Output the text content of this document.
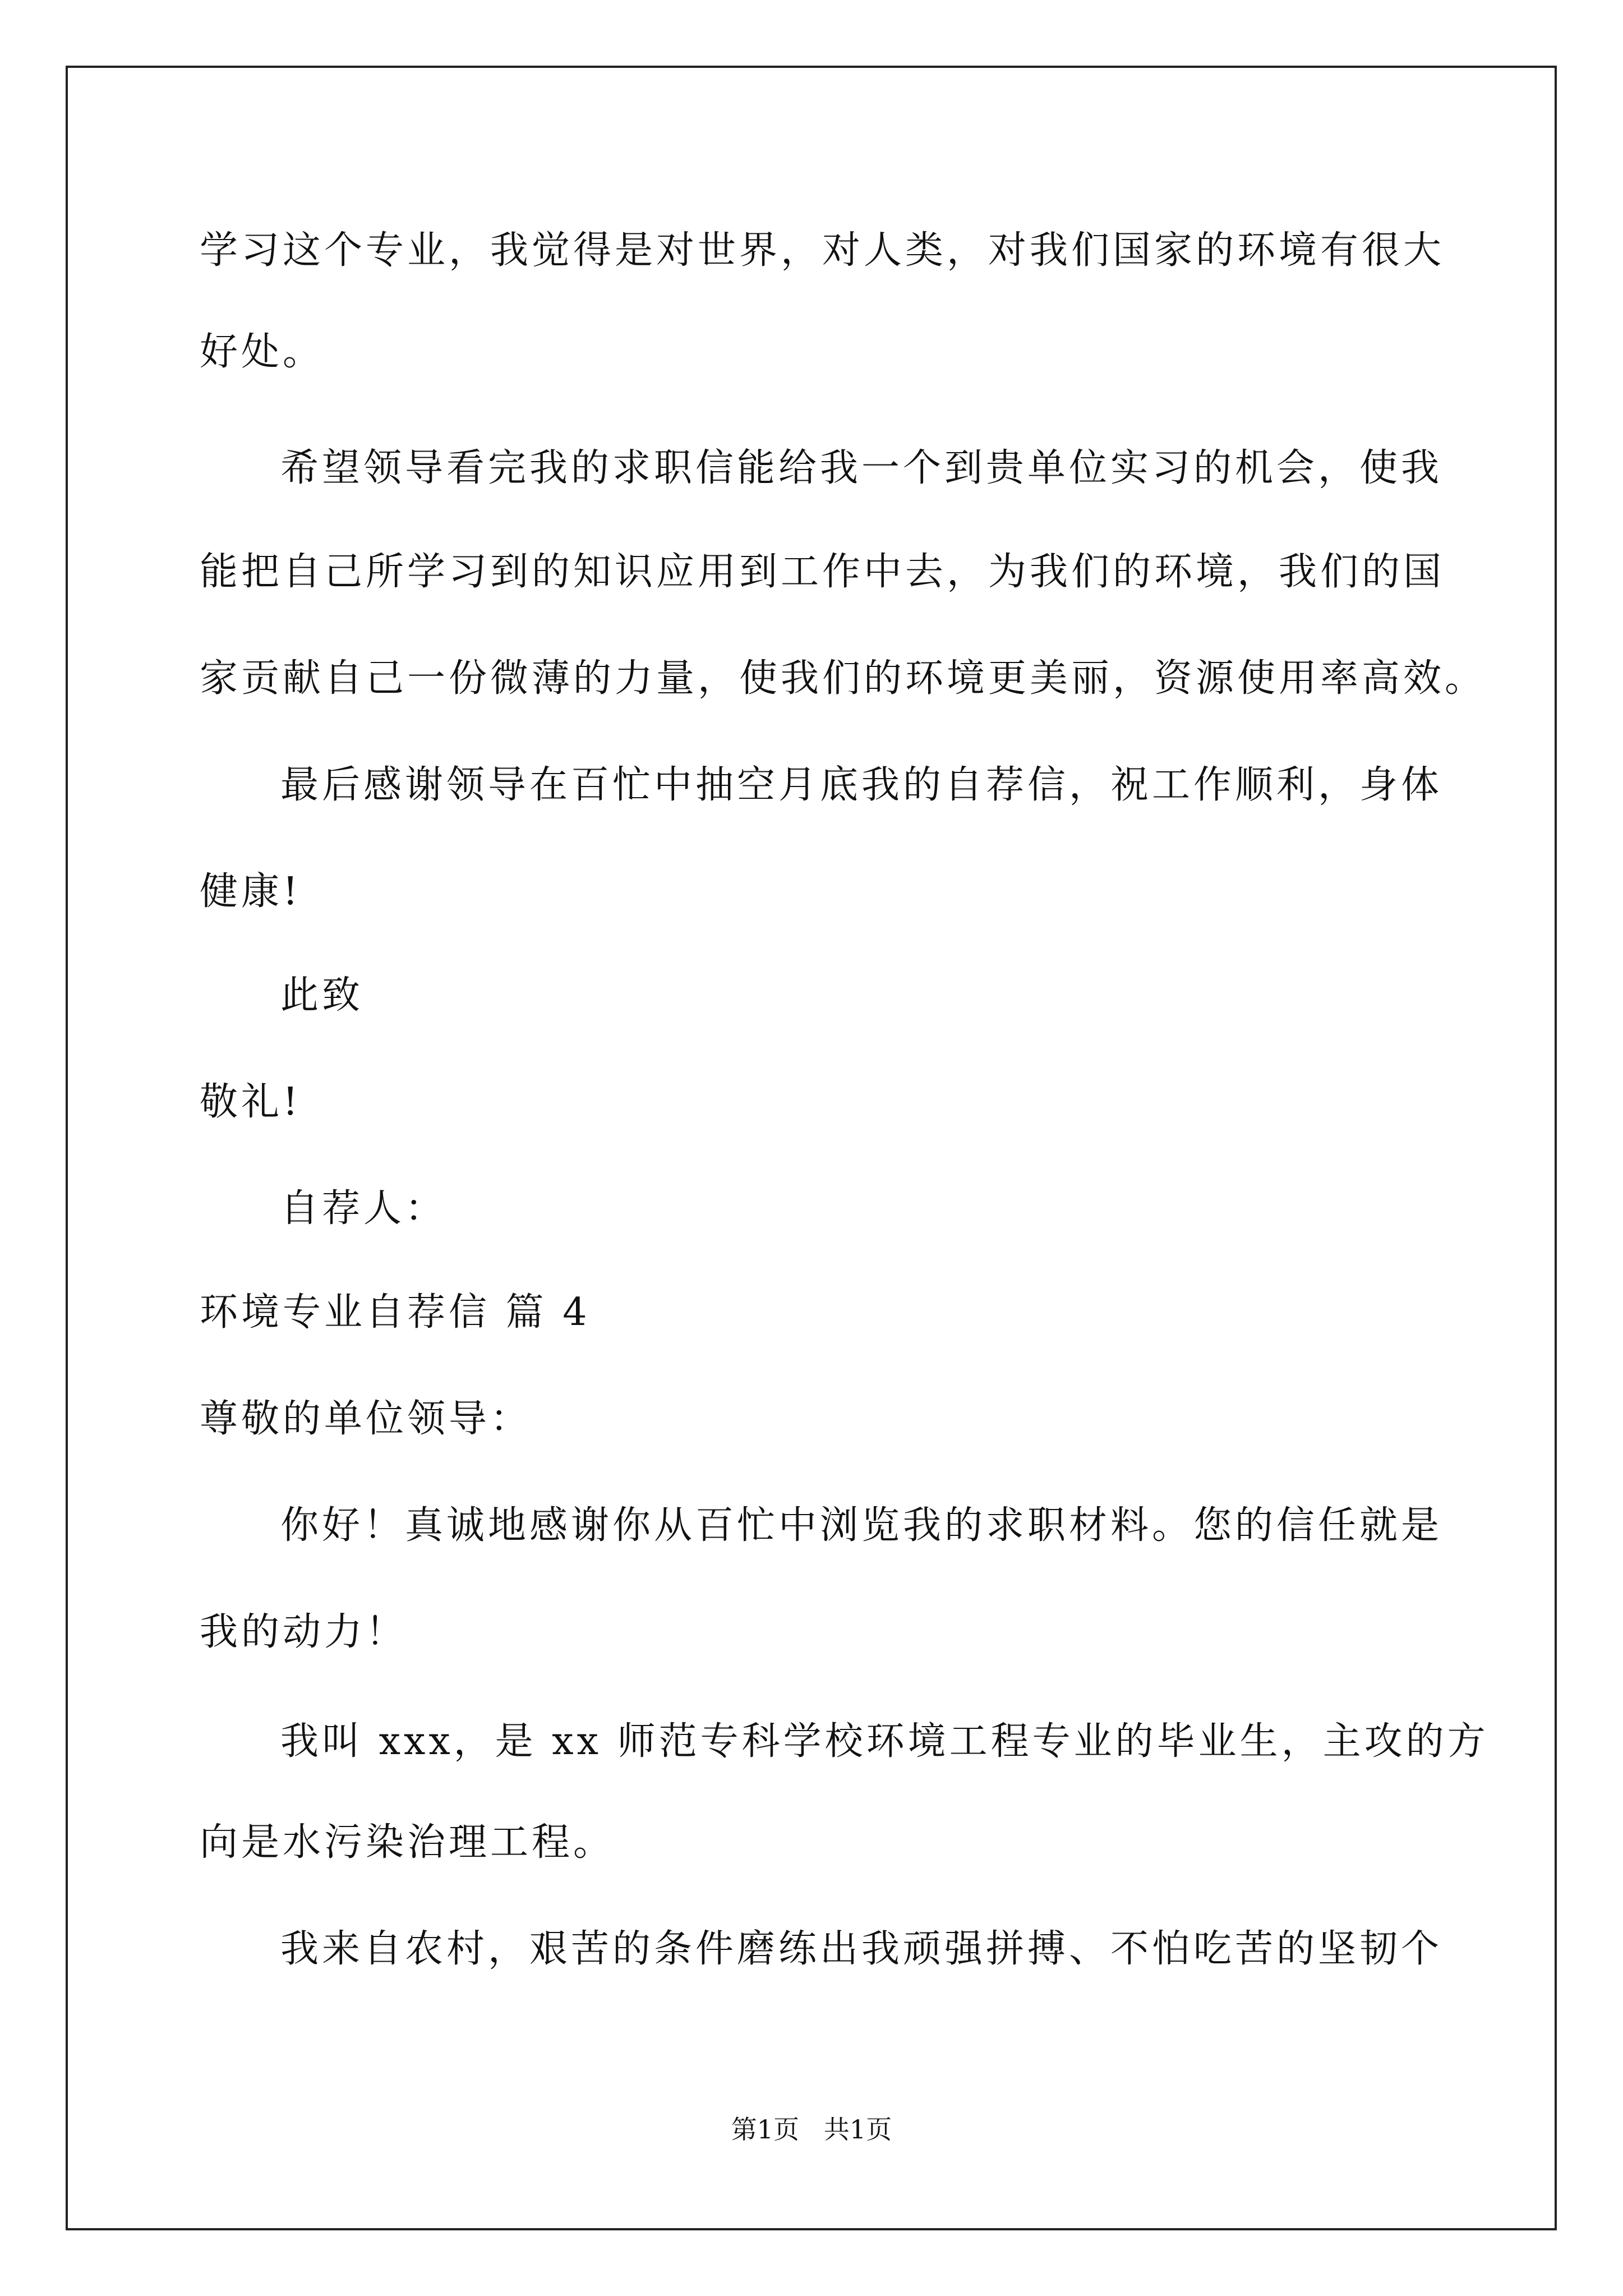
学习这个专业，我觉得是对世界，对人类，对我们国家的环境有很大
好处。
希望领导看完我的求职信能给我一个到贵单位实习的机会，使我
能把自己所学习到的知识应用到工作中去，为我们的环境，我们的国
家贡献自己一份微薄的力量，使我们的环境更美丽，资源使用率高效。
最后感谢领导在百忙中抽空月底我的自荐信，祝工作顺利，身体
健康!
此致
敬礼!
自荐人：
环境专业自荐信 篇 4
尊敬的单位领导：
你好！真诚地感谢你从百忙中浏览我的求职材料。您的信任就是
我的动力！
我叫 xxx，是 xx 师范专科学校环境工程专业的毕业生，主攻的方
向是水污染治理工程。
我来自农村，艰苦的条件磨练出我顽强拼搏、不怕吃苦的坚韧个
第1页   共1页
